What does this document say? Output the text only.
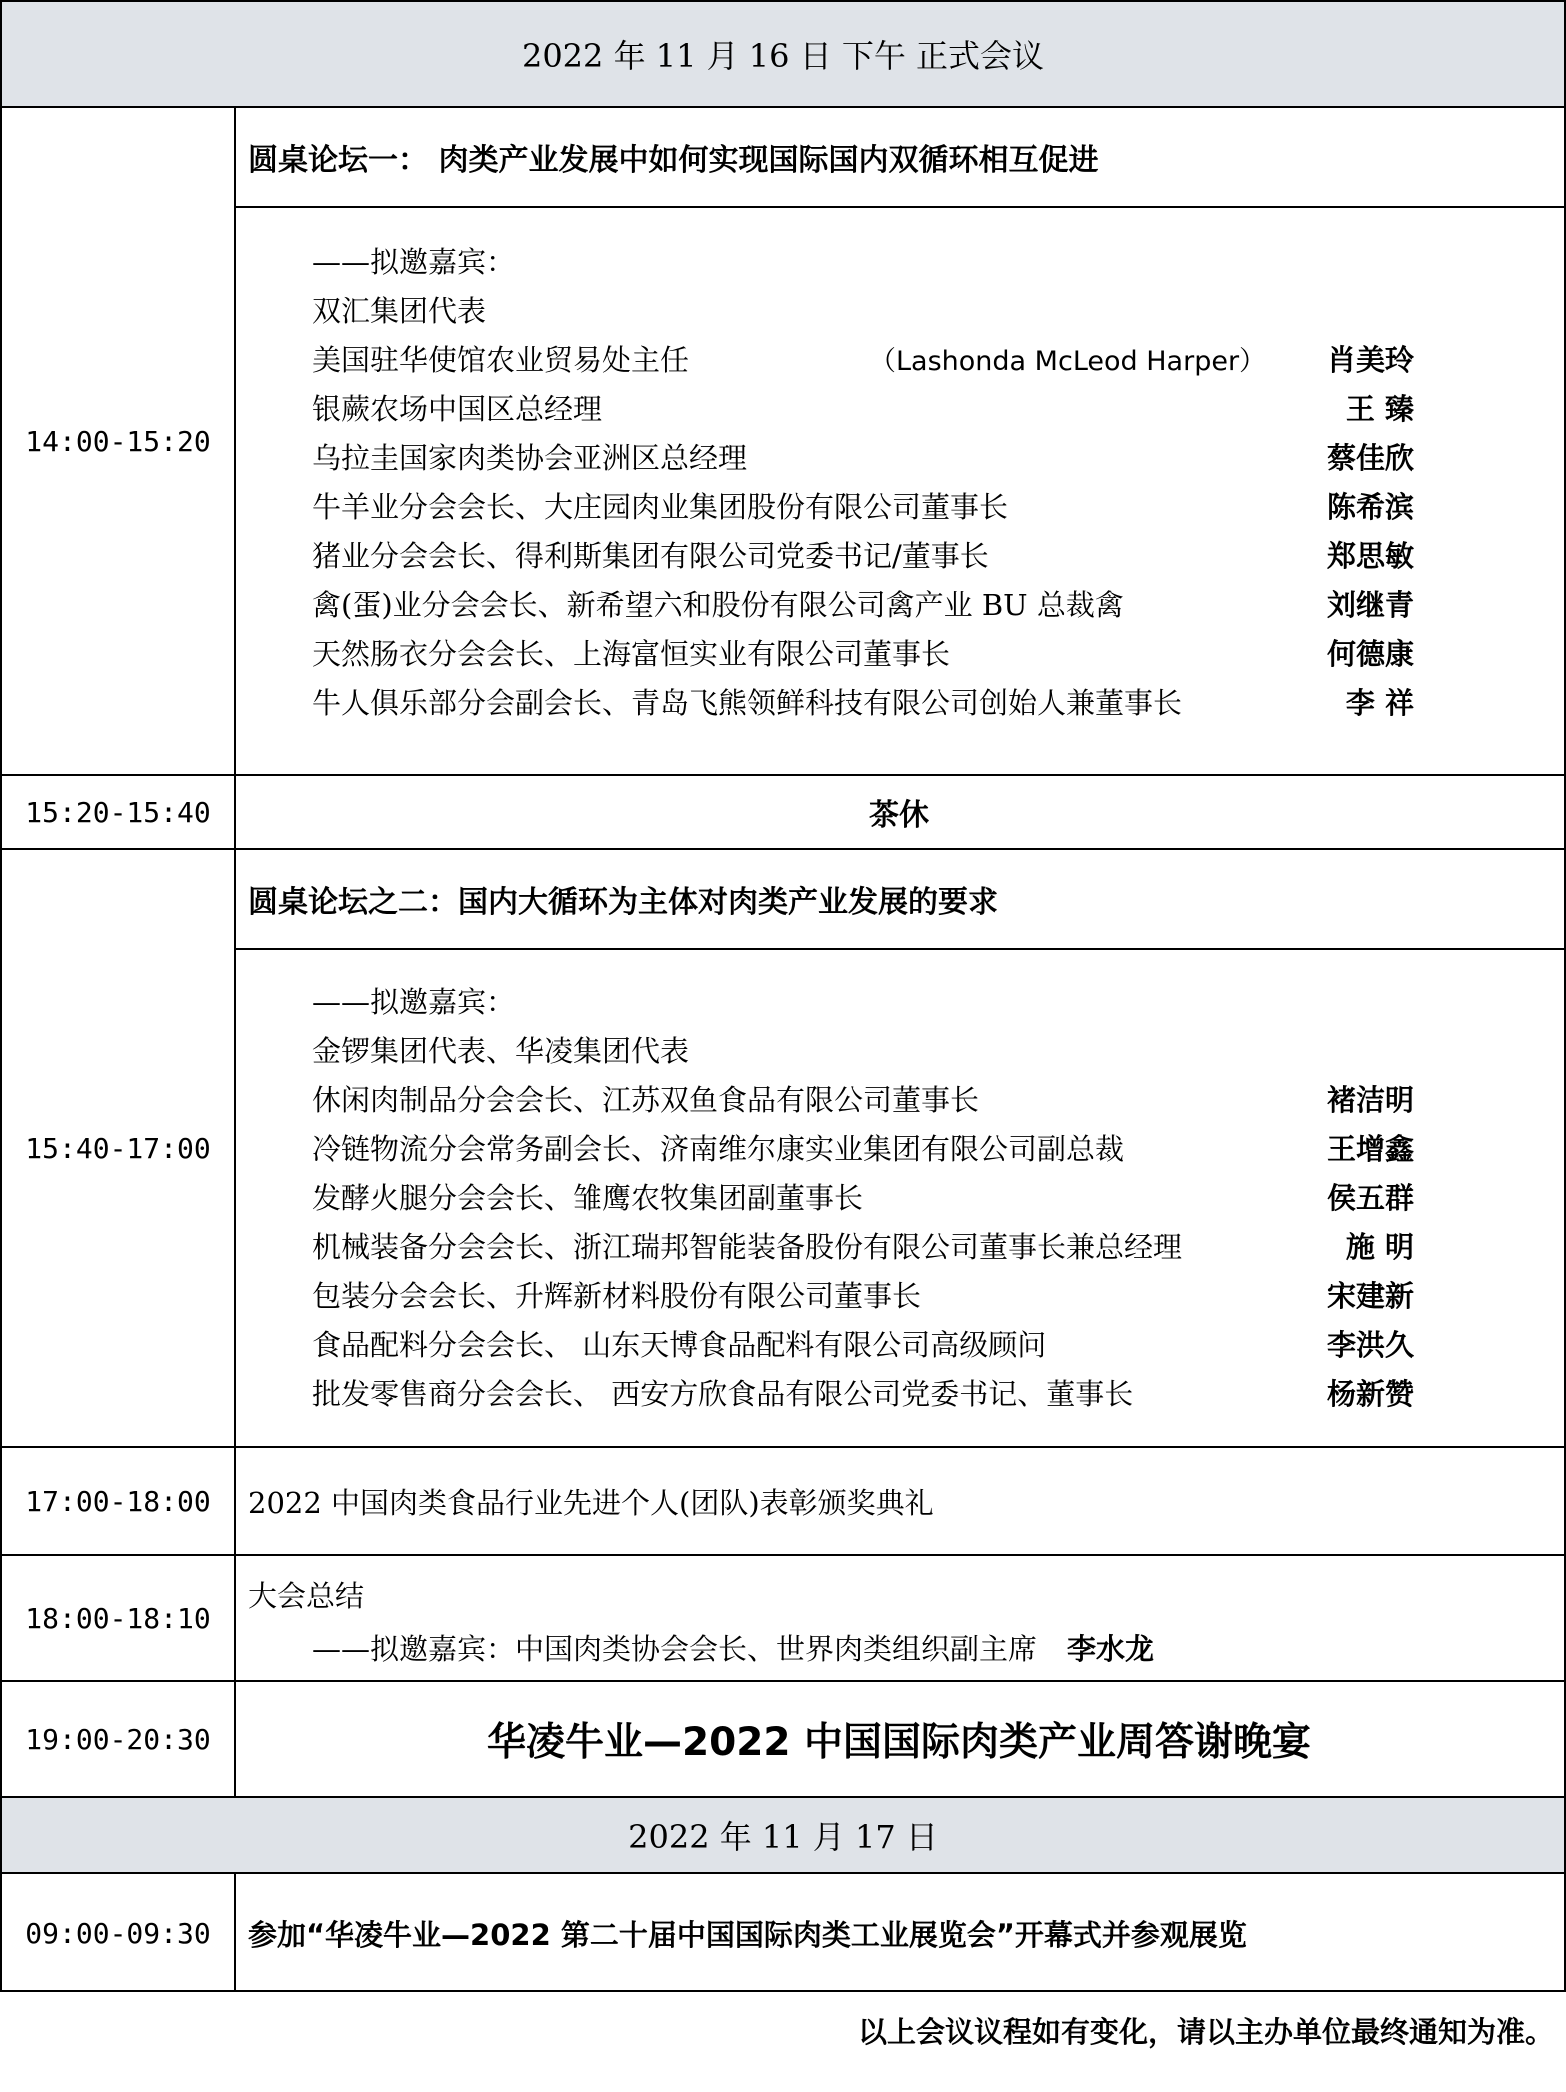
2022 年 11 月 16 日 下午 正式会议
14:00-15:20
圆桌论坛一： 肉类产业发展中如何实现国际国内双循环相互促进
——拟邀嘉宾：
双汇集团代表
美国驻华使馆农业贸易处主任	（Lashonda McLeod Harper） 肖美玲
银蕨农场中国区总经理	王 臻
乌拉圭国家肉类协会亚洲区总经理	蔡佳欣
牛羊业分会会长、大庄园肉业集团股份有限公司董事长	陈希滨
猪业分会会长、得利斯集团有限公司党委书记/董事长	郑思敏
禽(蛋)业分会会长、新希望六和股份有限公司禽产业 BU 总裁禽	刘继青
天然肠衣分会会长、上海富恒实业有限公司董事长	何德康
牛人俱乐部分会副会长、青岛飞熊领鲜科技有限公司创始人兼董事长	李 祥
15:20-15:40	茶休
15:40-17:00
圆桌论坛之二：国内大循环为主体对肉类产业发展的要求
——拟邀嘉宾：
金锣集团代表、华凌集团代表
休闲肉制品分会会长、江苏双鱼食品有限公司董事长	褚洁明
冷链物流分会常务副会长、济南维尔康实业集团有限公司副总裁	王增鑫
发酵火腿分会会长、雏鹰农牧集团副董事长	侯五群
机械装备分会会长、浙江瑞邦智能装备股份有限公司董事长兼总经理	施 明
包装分会会长、升辉新材料股份有限公司董事长	宋建新
食品配料分会会长、 山东天博食品配料有限公司高级顾问	李洪久
批发零售商分会会长、 西安方欣食品有限公司党委书记、董事长	杨新赞
17:00-18:00	2022 中国肉类食品行业先进个人(团队)表彰颁奖典礼
18:00-18:10
大会总结
——拟邀嘉宾：中国肉类协会会长、世界肉类组织副主席 李水龙
19:00-20:30	华凌牛业—2022 中国国际肉类产业周答谢晚宴
2022 年 11 月 17 日
09:00-09:30	参加“华凌牛业—2022 第二十届中国国际肉类工业展览会”开幕式并参观展览
以上会议议程如有变化，请以主办单位最终通知为准。
